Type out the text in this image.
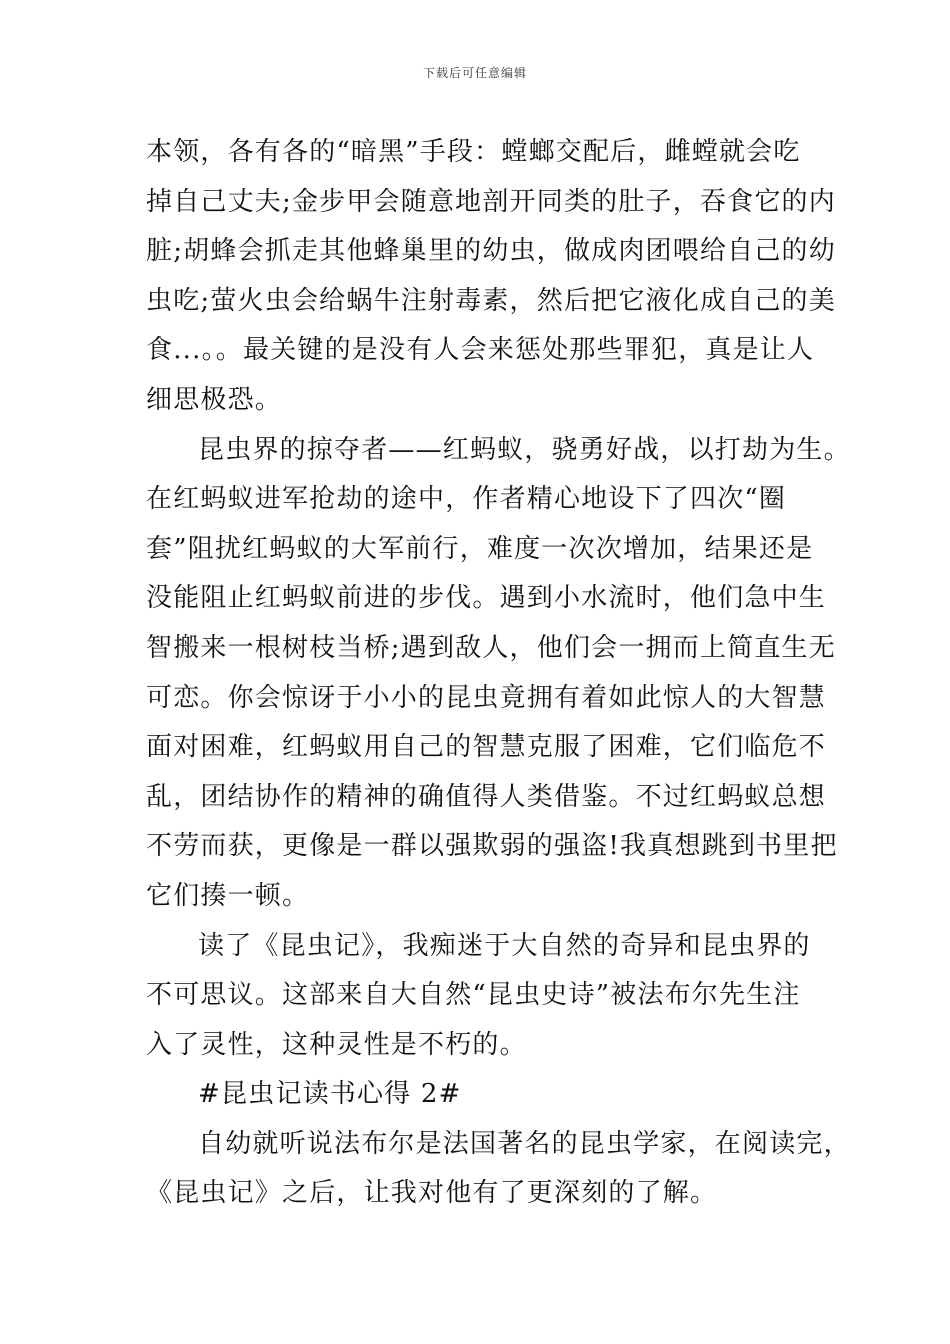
下载后可任意编辑
本领，各有各的“暗黑”手段：螳螂交配后，雌螳就会吃
掉自己丈夫;金步甲会随意地剖开同类的肚子，吞食它的内
脏;胡蜂会抓走其他蜂巢里的幼虫，做成肉团喂给自己的幼
虫吃;萤火虫会给蜗牛注射毒素，然后把它液化成自己的美
食...。。最关键的是没有人会来惩处那些罪犯，真是让人
细思极恐。
昆虫界的掠夺者——红蚂蚁，骁勇好战，以打劫为生。
在红蚂蚁进军抢劫的途中，作者精心地设下了四次“圈
套”阻扰红蚂蚁的大军前行，难度一次次增加，结果还是
没能阻止红蚂蚁前进的步伐。遇到小水流时，他们急中生
智搬来一根树枝当桥;遇到敌人，他们会一拥而上简直生无
可恋。你会惊讶于小小的昆虫竟拥有着如此惊人的大智慧
面对困难，红蚂蚁用自己的智慧克服了困难，它们临危不
乱，团结协作的精神的确值得人类借鉴。不过红蚂蚁总想
不劳而获，更像是一群以强欺弱的强盗!我真想跳到书里把
它们揍一顿。
读了《昆虫记》，我痴迷于大自然的奇异和昆虫界的
不可思议。这部来自大自然“昆虫史诗”被法布尔先生注
入了灵性，这种灵性是不朽的。
#昆虫记读书心得 2#
自幼就听说法布尔是法国著名的昆虫学家，在阅读完，
《昆虫记》之后，让我对他有了更深刻的了解。
